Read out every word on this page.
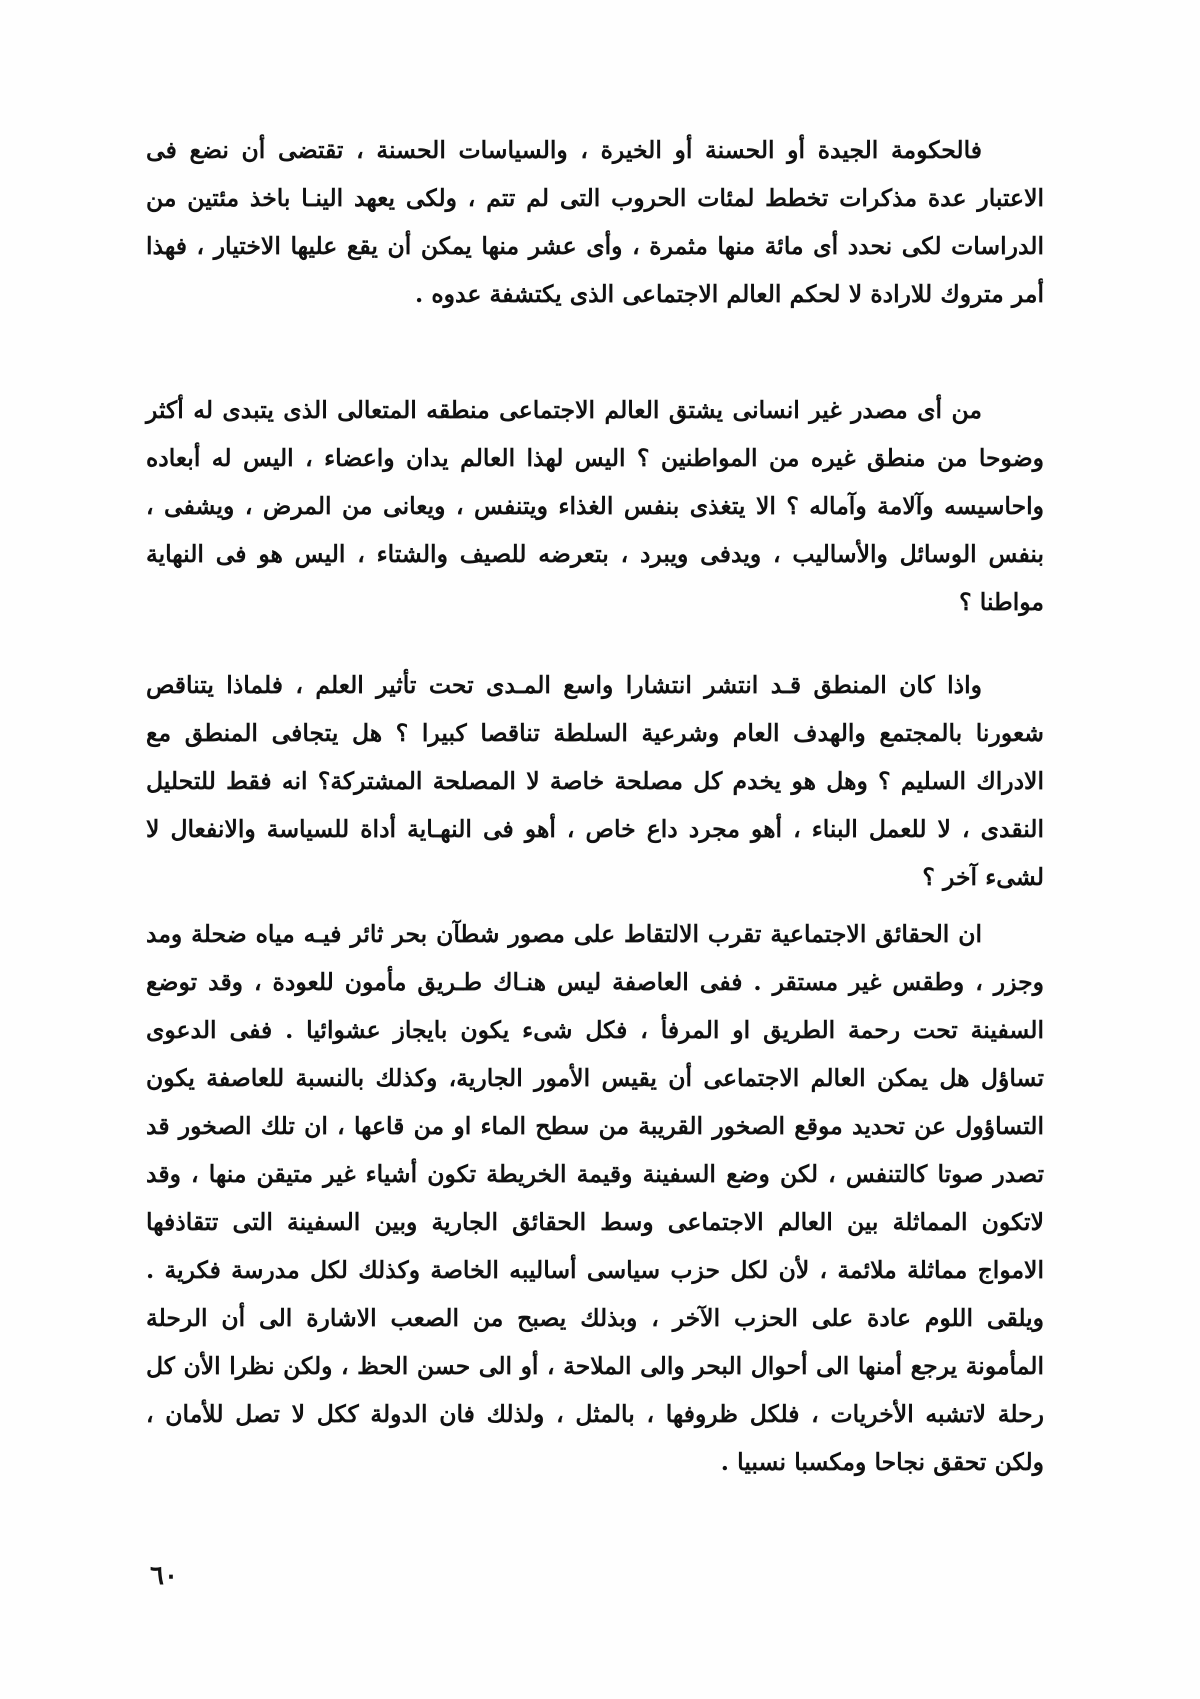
فالحكومة الجيدة أو الحسنة أو الخيرة ، والسياسات الحسنة ، تقتضى أن نضع فى الاعتبار عدة مذكرات تخطط لمئات الحروب التى لم تتم ، ولكى يعهد الينـا باخذ مئتين من الدراسات لكى نحدد أى مائة منها مثمرة ، وأى عشر منها يمكن أن يقع عليها الاختيار ، فهذا أمر متروك للارادة لا لحكم العالم الاجتماعى الذى يكتشفة عدوه .

من أى مصدر غير انسانى يشتق العالم الاجتماعى منطقه المتعالى الذى يتبدى له أكثر وضوحا من منطق غيره من المواطنين ؟ اليس لهذا العالم يدان واعضاء ، اليس له أبعاده واحاسيسه وآلامة وآماله ؟ الا يتغذى بنفس الغذاء ويتنفس ، ويعانى من المرض ، ويشفى ، بنفس الوسائل والأساليب ، ويدفى ويبرد ، بتعرضه للصيف والشتاء ، اليس هو فى النهاية مواطنا ؟

واذا كان المنطق قـد انتشر انتشارا واسع المـدى تحت تأثير العلم ، فلماذا يتناقص شعورنا بالمجتمع والهدف العام وشرعية السلطة تناقصا كبيرا ؟ هل يتجافى المنطق مع الادراك السليم ؟ وهل هو يخدم كل مصلحة خاصة لا المصلحة المشتركة؟ انه فقط للتحليل النقدى ، لا للعمل البناء ، أهو مجرد داع خاص ، أهو فى النهـاية أداة للسياسة والانفعال لا لشىء آخر ؟

ان الحقائق الاجتماعية تقرب الالتقاط على مصور شطآن بحر ثائر فيـه مياه ضحلة ومد وجزر ، وطقس غير مستقر . ففى العاصفة ليس هنـاك طـريق مأمون للعودة ، وقد توضع السفينة تحت رحمة الطريق او المرفأ ، فكل شىء يكون بايجاز عشوائيا . ففى الدعوى تساؤل هل يمكن العالم الاجتماعى أن يقيس الأمور الجارية، وكذلك بالنسبة للعاصفة يكون التساؤول عن تحديد موقع الصخور القريبة من سطح الماء او من قاعها ، ان تلك الصخور قد تصدر صوتا كالتنفس ، لكن وضع السفينة وقيمة الخريطة تكون أشياء غير متيقن منها ، وقد لاتكون المماثلة بين العالم الاجتماعى وسط الحقائق الجارية وبين السفينة التى تتقاذفها الامواج مماثلة ملائمة ، لأن لكل حزب سياسى أساليبه الخاصة وكذلك لكل مدرسة فكرية . ويلقى اللوم عادة على الحزب الآخر ، وبذلك يصبح من الصعب الاشارة الى أن الرحلة المأمونة يرجع أمنها الى أحوال البحر والى الملاحة ، أو الى حسن الحظ ، ولكن نظرا الأن كل رحلة لاتشبه الأخريات ، فلكل ظروفها ، بالمثل ، ولذلك فان الدولة ككل لا تصل للأمان ، ولكن تحقق نجاحا ومكسبا نسبيا .

٦٠
